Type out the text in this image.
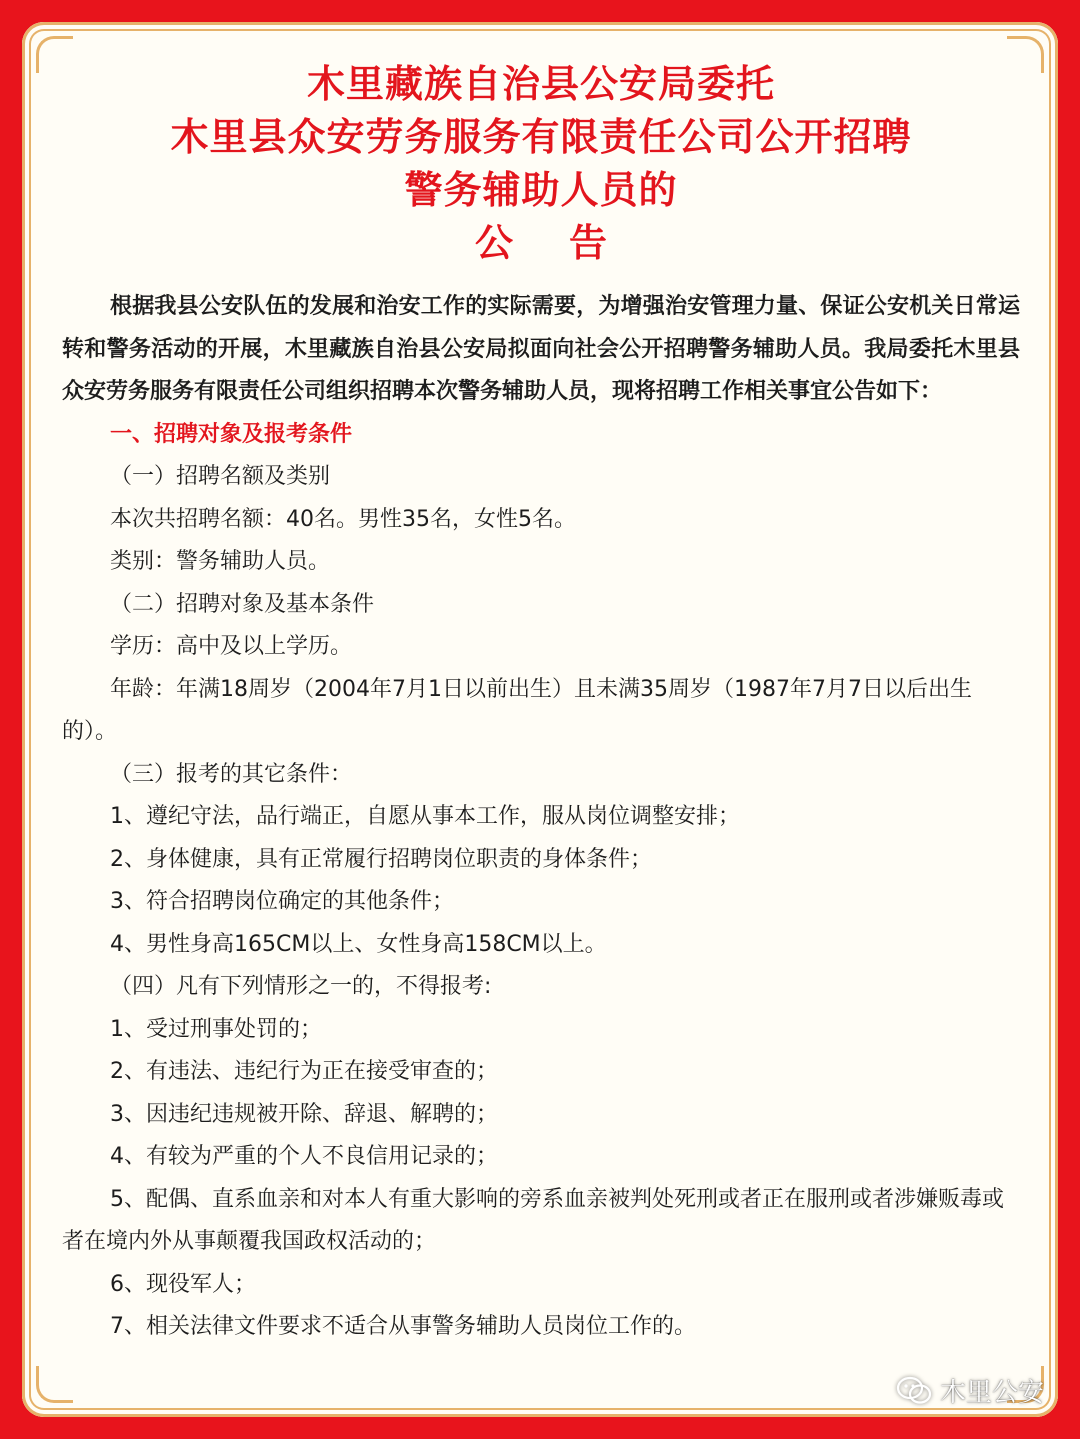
木里藏族自治县公安局委托
木里县众安劳务服务有限责任公司公开招聘
警务辅助人员的
公告

根据我县公安队伍的发展和治安工作的实际需要，为增强治安管理力量、保证公安机关日常运转和警务活动的开展，木里藏族自治县公安局拟面向社会公开招聘警务辅助人员。我局委托木里县众安劳务服务有限责任公司组织招聘本次警务辅助人员，现将招聘工作相关事宜公告如下：

一、招聘对象及报考条件

（一）招聘名额及类别

本次共招聘名额：40名。男性35名，女性5名。

类别：警务辅助人员。

（二）招聘对象及基本条件

学历：高中及以上学历。

年龄：年满18周岁（2004年7月1日以前出生）且未满35周岁（1987年7月7日以后出生的）。

（三）报考的其它条件：

1、遵纪守法，品行端正，自愿从事本工作，服从岗位调整安排；

2、身体健康，具有正常履行招聘岗位职责的身体条件；

3、符合招聘岗位确定的其他条件；

4、男性身高165CM以上、女性身高158CM以上。

（四）凡有下列情形之一的，不得报考:

1、受过刑事处罚的；

2、有违法、违纪行为正在接受审查的；

3、因违纪违规被开除、辞退、解聘的；

4、有较为严重的个人不良信用记录的；

5、配偶、直系血亲和对本人有重大影响的旁系血亲被判处死刑或者正在服刑或者涉嫌贩毒或者在境内外从事颠覆我国政权活动的；

6、现役军人；

7、相关法律文件要求不适合从事警务辅助人员岗位工作的。

木里公安
